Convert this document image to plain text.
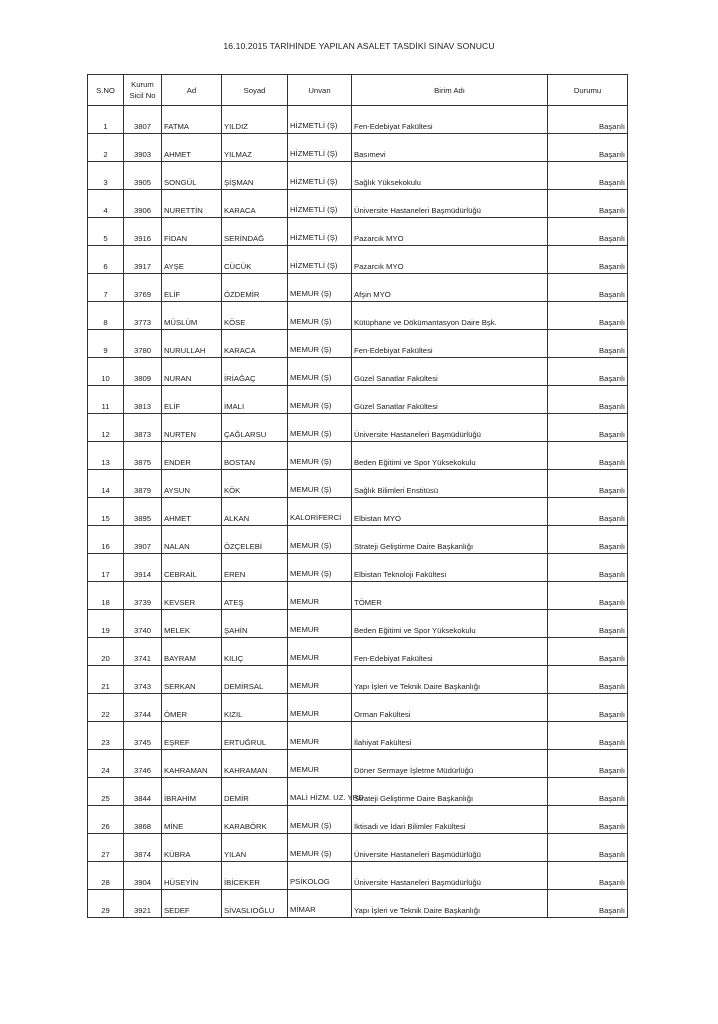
16.10.2015 TARİHİNDE YAPILAN ASALET TASDİKİ SINAV SONUCU
S.NO	Kurum Sicil No	Ad	Soyad	Unvan	Birim Adı	Durumu
1	3807	FATMA	YILDIZ	HİZMETLİ (Ş)	Fen-Edebiyat Fakültesi	Başarılı
2	3903	AHMET	YILMAZ	HİZMETLİ (Ş)	Basımevi	Başarılı
3	3905	SONGÜL	ŞİŞMAN	HİZMETLİ (Ş)	Sağlık Yüksekokulu	Başarılı
4	3906	NURETTİN	KARACA	HİZMETLİ (Ş)	Üniversite Hastaneleri Başmüdürlüğü	Başarılı
5	3916	FİDAN	SERİNDAĞ	HİZMETLİ (Ş)	Pazarcık MYO	Başarılı
6	3917	AYŞE	CÜCÜK	HİZMETLİ (Ş)	Pazarcık MYO	Başarılı
7	3769	ELİF	ÖZDEMİR	MEMUR (Ş)	Afşin MYO	Başarılı
8	3773	MÜSLÜM	KÖSE	MEMUR (Ş)	Kütüphane ve Dökümantasyon Daire Bşk.	Başarılı
9	3780	NURULLAH	KARACA	MEMUR (Ş)	Fen-Edebiyat Fakültesi	Başarılı
10	3809	NURAN	İRİAĞAÇ	MEMUR (Ş)	Güzel Sanatlar Fakültesi	Başarılı
11	3813	ELİF	İMALI	MEMUR (Ş)	Güzel Sanatlar Fakültesi	Başarılı
12	3873	NURTEN	ÇAĞLARSU	MEMUR (Ş)	Üniversite Hastaneleri Başmüdürlüğü	Başarılı
13	3875	ENDER	BOSTAN	MEMUR (Ş)	Beden Eğitimi ve Spor Yüksekokulu	Başarılı
14	3879	AYSUN	KÖK	MEMUR (Ş)	Sağlık Bilimleri Enstitüsü	Başarılı
15	3895	AHMET	ALKAN	KALORİFERCİ	Elbistan MYO	Başarılı
16	3907	NALAN	ÖZÇELEBİ	MEMUR (Ş)	Strateji Geliştirme Daire Başkanlığı	Başarılı
17	3914	CEBRAİL	EREN	MEMUR (Ş)	Elbistan Teknoloji Fakültesi	Başarılı
18	3739	KEVSER	ATEŞ	MEMUR	TÖMER	Başarılı
19	3740	MELEK	ŞAHİN	MEMUR	Beden Eğitimi ve Spor Yüksekokulu	Başarılı
20	3741	BAYRAM	KILIÇ	MEMUR	Fen-Edebiyat Fakültesi	Başarılı
21	3743	SERKAN	DEMİRSAL	MEMUR	Yapı İşleri ve Teknik Daire Başkanlığı	Başarılı
22	3744	ÖMER	KIZIL	MEMUR	Orman Fakültesi	Başarılı
23	3745	EŞREF	ERTUĞRUL	MEMUR	İlahiyat Fakültesi	Başarılı
24	3746	KAHRAMAN	KAHRAMAN	MEMUR	Döner Sermaye İşletme Müdürlüğü	Başarılı
25	3844	İBRAHİM	DEMİR	MALİ HİZM. UZ. YRD.	Strateji Geliştirme Daire Başkanlığı	Başarılı
26	3868	MİNE	KARABÖRK	MEMUR (Ş)	İktisadi ve İdari Bilimler Fakültesi	Başarılı
27	3874	KÜBRA	YILAN	MEMUR (Ş)	Üniversite Hastaneleri Başmüdürlüğü	Başarılı
28	3904	HÜSEYİN	İBİCEKER	PSİKOLOG	Üniversite Hastaneleri Başmüdürlüğü	Başarılı
29	3921	SEDEF	SİVASLIOĞLU	MİMAR	Yapı İşleri ve Teknik Daire Başkanlığı	Başarılı
